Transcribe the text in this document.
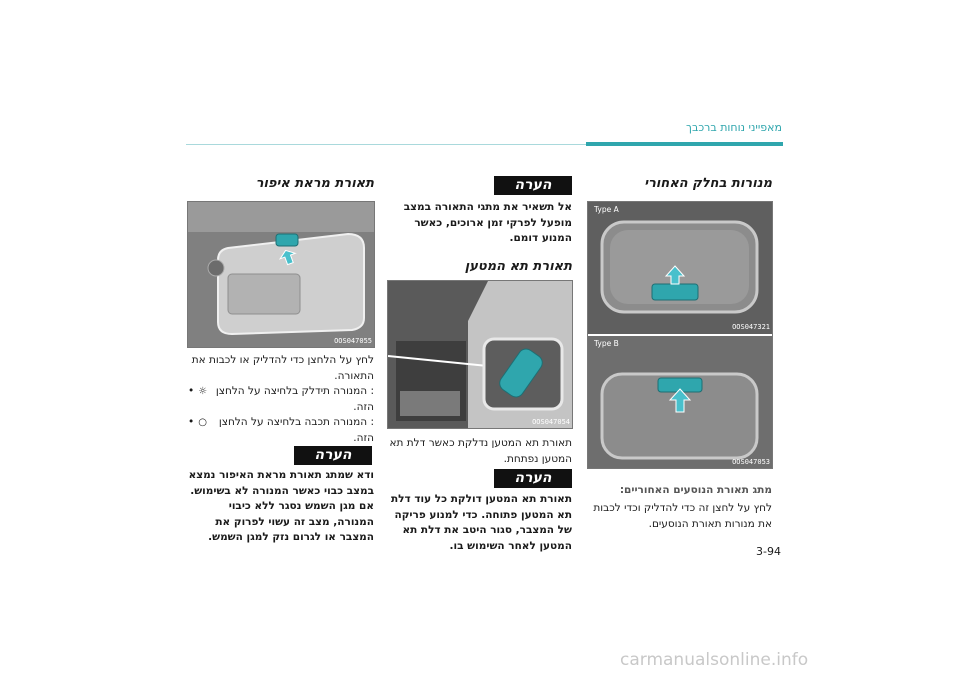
מאפייני נוחות ברכבך
מנורות בחלק האחורי
Type A
OOS047321
Type B
OOS047053
מתג תאורת הנוסעים האחוריים:
לחץ על לחצן זה כדי להדליק וכדי לכבות את מנורות תאורת הנוסעים.
הערה
אל תשאיר את מתגי התאורה במצב מופעל לפרקי זמן ארוכים, כאשר המנוע דומם.
תאורת תא המטען
OOS047054
תאורת תא המטען נדלקת כאשר דלת תא המטען נפתחת.
הערה
תאורת תא המטען דולקת כל עוד דלת תא המטען פתוחה. כדי למנוע פריקה של המצבר, סגור היטב את דלת תא המטען לאחר השימוש בו.
תאורת מראת איפור
OOS047055
לחץ על הלחצן כדי להדליק או לכבות את התאורה.
• ☼ : המנורה תידלק בלחיצה על הלחצן הזה.
• ○	: המנורה תכבה בלחיצה על הלחצן הזה.
הערה
ודא שמתג תאורת מראת האיפור נמצא במצב כבוי כאשר המנורה לא בשימוש. אם מגן השמש נסגר ללא כיבוי המנורה, מצב זה עשוי לפרוק את המצבר או לגרום נזק למגן השמש.
3-94
carmanualsonline.info
